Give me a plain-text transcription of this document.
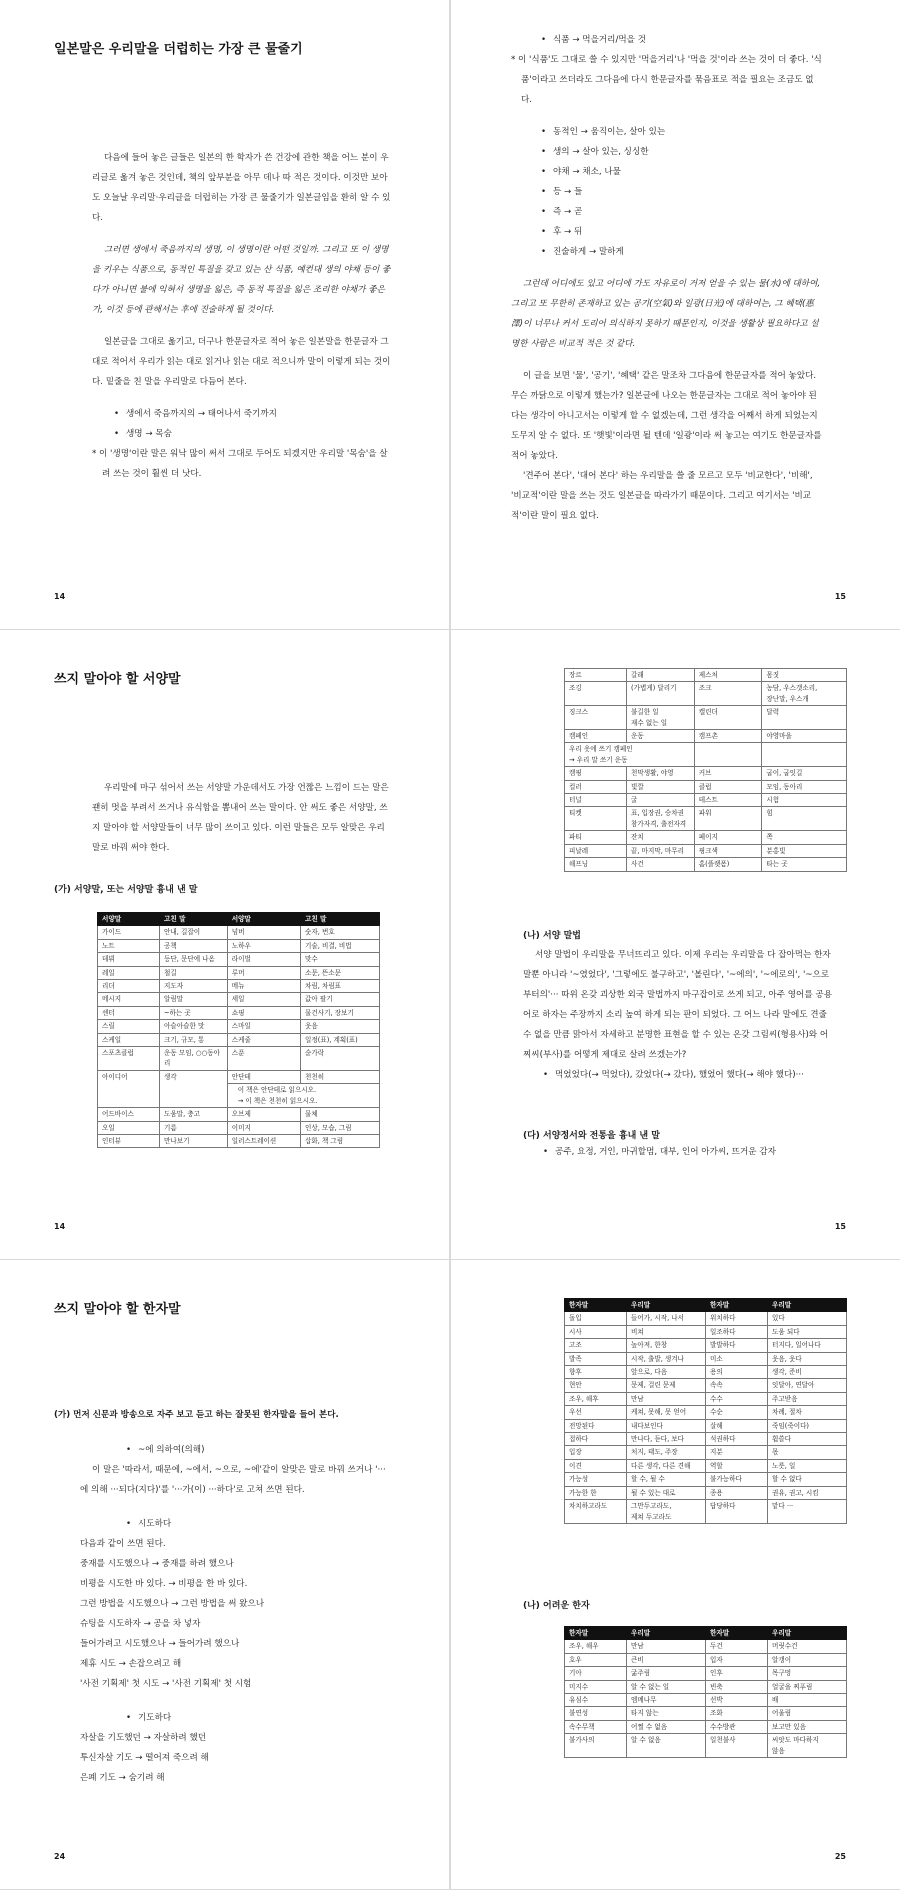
일본말은 우리말을 더럽히는 가장 큰 물줄기

다음에 들어 놓은 글들은 일본의 한 학자가 쓴 건강에 관한 책을 어느 분이 우리글로 옮겨 놓은 것인데, 책의 앞부분을 아무 데나 따 적은 것이다. 이것만 보아도 오늘날 우리말·우리글을 더럽히는 가장 큰 물줄기가 일본글임을 환히 알 수 있다.

그러면 생에서 죽음까지의 생명, 이 생명이란 어떤 것일까. 그리고 또 이 생명을 키우는 식품으로, 동적인 특질을 갖고 있는 산 식품, 예컨대 생의 야채 등이 좋다가 아니면 불에 익혀서 생명을 잃은, 즉 동적 특질을 잃은 조리한 야채가 좋은가, 이것 등에 관해서는 후에 진술하게 될 것이다.

일본글을 그대로 옮기고, 더구나 한문글자로 적어 놓은 일본말을 한문글자 그대로 적어서 우리가 읽는 대로 읽거나 읽는 대로 적으니까 말이 이렇게 되는 것이다. 밑줄을 친 말을 우리말로 다듬어 본다.

• 생에서 죽음까지의 → 태어나서 죽기까지
• 생명 → 목숨

* 이 '생명'이란 말은 워낙 많이 써서 그대로 두어도 되겠지만 우리말 '목숨'을 살려 쓰는 것이 훨씬 더 낫다.

14
• 식품 → 먹을거리/먹을 것

* 이 '식품'도 그대로 쓸 수 있지만 '먹을거리'나 '먹을 것'이라 쓰는 것이 더 좋다. '식품'이라고 쓰더라도 그다음에 다시 한문글자를 묶음표로 적을 필요는 조금도 없다.

• 동적인 → 움직이는, 살아 있는
• 생의 → 살아 있는, 싱싱한
• 야채 → 채소, 나물
• 등 → 들
• 즉 → 곧
• 후 → 뒤
• 진술하게 → 말하게

그런데 어디에도 있고 어디에 가도 자유로이 거저 얻을 수 있는 물(水)에 대하여, 그리고 또 무한히 존재하고 있는 공기(空氣)와 일광(日光)에 대하여는, 그 혜택(惠澤)이 너무나 커서 도리어 의식하지 못하기 때문인지, 이것을 생활상 필요하다고 설명한 사람은 비교적 적은 것 같다.

이 글을 보면 '물', '공기', '혜택' 같은 말조차 그다음에 한문글자를 적어 놓았다. 무슨 까닭으로 이렇게 했는가? 일본글에 나오는 한문글자는 그대로 적어 놓아야 된다는 생각이 아니고서는 이렇게 할 수 없겠는데, 그런 생각을 어째서 하게 되었는지 도무지 알 수 없다. 또 '햇빛'이라면 될 텐데 '일광'이라 써 놓고는 여기도 한문글자를 적어 놓았다.

'견주어 본다', '대어 본다' 하는 우리말을 쓸 줄 모르고 모두 '비교한다', '비해', '비교적'이란 말을 쓰는 것도 일본글을 따라가기 때문이다. 그리고 여기서는 '비교적'이란 말이 필요 없다.

15
쓰지 말아야 할 서양말

우리말에 마구 섞어서 쓰는 서양말 가운데서도 가장 언짢은 느낌이 드는 말은 괜히 멋을 부려서 쓰거나 유식함을 뽐내어 쓰는 말이다. 안 써도 좋은 서양말, 쓰지 말아야 할 서양말들이 너무 많이 쓰이고 있다. 이런 말들은 모두 알맞은 우리말로 바꿔 써야 한다.

(가) 서양말, 또는 서양말 흉내 낸 말
서양말	고친 말	서양말	고친 말
가이드	안내, 길잡이	넘버	숫자, 번호
노트	공책	노하우	기술, 비결, 비법
데뷔	등단, 문단에 나옴	라이벌	맞수
레일	철길	루머	소문, 뜬소문
리더	지도자	메뉴	차림, 차림표
메시지	알림말	세일	값아 팔기
센터	~하는 곳	쇼핑	물건사기, 장보기
스릴	아슬아슬한 맛	스마일	웃음
스케일	크기, 규모, 통	스케줄	일정(표), 계획(표)
스포츠클럽	운동 모임, ○○동아리	스푼	숟가락
아이디어	생각	안단테	천천히
		이 책은 안단테로 읽으시오.
→ 이 책은 천천히 읽으시오.	
어드바이스	도움말, 충고	오브제	물체
오일	기름	이미지	인상, 모습, 그림
인터뷰	만나보기	일러스트레이션	삽화, 책 그림
14
장르	갈래	제스처	몸짓
조깅	(가볍게) 달리기	조크	농담, 우스갯소리,
장난말, 우스개
징크스	불길한 일
재수 없는 일	캘린더	달력
캠페인	운동	캠프촌	야영마을
우리 옷에 쓰기 캠페인
→ 우리 말 쓰기 운동			
캠핑	천막생활, 야영	커브	굽이, 굽잇길
컬러	빛깔	클럽	모임, 동아리
터널	굴	테스트	시험
티켓	표, 입장권, 승차권
참가자격, 출전자격	파워	힘
파티	잔치	페이지	쪽
피날레	끝, 마지막, 마무리	핑크색	분홍빛
해프닝	사건	홈(플랫폼)	타는 곳
(나) 서양 말법

서양 말법이 우리말을 무너뜨리고 있다. 이제 우리는 우리말을 다 잡아먹는 한자말뿐 아니라 '~였었다', '그렇에도 불구하고', '볼린다', '~에의', '~에로의', '~으로부터의'··· 따위 온갖 괴상한 외국 말법까지 마구잡이로 쓰게 되고, 아주 영어를 공용어로 하자는 주장까지 소리 높여 하게 되는 판이 되었다. 그 어느 나라 말에도 견줄 수 없을 만큼 맑아서 자세하고 분명한 표현을 할 수 있는 온갖 그림씨(형용사)와 어찌씨(부사)를 어떻게 제대로 살려 쓰겠는가?

• 먹었었다(→ 먹었다), 갔었다(→ 갔다), 했었어 했다(→ 해야 했다)···
(다) 서양정서와 전통을 흉내 낸 말
• 공주, 요정, 거인, 마귀할멈, 대부, 인어 아가씨, 뜨거운 감자
15
쓰지 말아야 할 한자말
(가) 먼저 신문과 방송으로 자주 보고 듣고 하는 잘못된 한자말을 들어 본다.
• ~에 의하여(의해)

이 말은 '따라서, 때문에, ~에서, ~으로, ~에'같이 알맞은 말로 바꿔 쓰거나 '···에 의해 ···되다(지다)'를 '···가(이) ···하다'로 고쳐 쓰면 된다.

• 시도하다

다음과 같이 쓰면 된다.

중재를 시도했으나 → 중재를 하려 했으나

비평을 시도한 바 있다. → 비평을 한 바 있다.

그런 방법을 시도했으나 → 그런 방법을 써 왔으나

슈팅을 시도하자 → 공을 차 넣자

들어가려고 시도했으나 → 들어가려 했으나

제휴 시도 → 손잡으려고 해

'사전 기획제' 첫 시도 → '사전 기획제' 첫 시험

• 기도하다

자살을 기도했던 → 자살하려 했던

투신자살 기도 → 떨어져 죽으려 해

은폐 기도 → 숨기려 해

24
한자말	우리말	한자말	우리말
돌입	들어가, 시작, 나서	위치하다	있다
시사	비쳐	일조하다	도움 되다
고조	높아져, 한창	발발하다	터지다, 일어나다
발족	시작, 출발, 생겨나	미소	웃음, 웃다
향후	앞으로, 다음	용의	생각, 준비
현안	문제, 걸린 문제	속속	잇달아, 연달아
조우, 해후	만남	수수	주고받음
우선	케쳐, 못해, 못 얻어	수순	차례, 절차
전망된다	내다보인다	살해	죽임(죽이다)
접하다	만나다, 듣다, 보다	석권하다	휩쓸다
입장	처지, 태도, 주장	지분	몫
이견	다른 생각, 다른 견해	역할	노릇, 일
가능성	할 수, 될 수	불가능하다	할 수 없다
가능한 한	될 수 있는 대로	종용	권유, 권고, 시킴
차치하고라도	그만두고라도,
제쳐 두고라도	답당하다	맡다 ···
(나) 어려운 한자
한자말	우리말	한자말	우리말
조우, 해우	만남	두건	머릿수건
호우	큰비	입자	알갱이
기아	굶주림	인후	목구멍
미지수	알 수 없는 일	빈축	얼굴을 찌푸림
유심수	엠메나무	선박	배
불연성	타지 않는	조화	어울림
속수무책	어쩔 수 없음	수수방관	보고만 있음
불가사의	알 수 없음	일천불사	씨앗도 마다하지
않음
25
